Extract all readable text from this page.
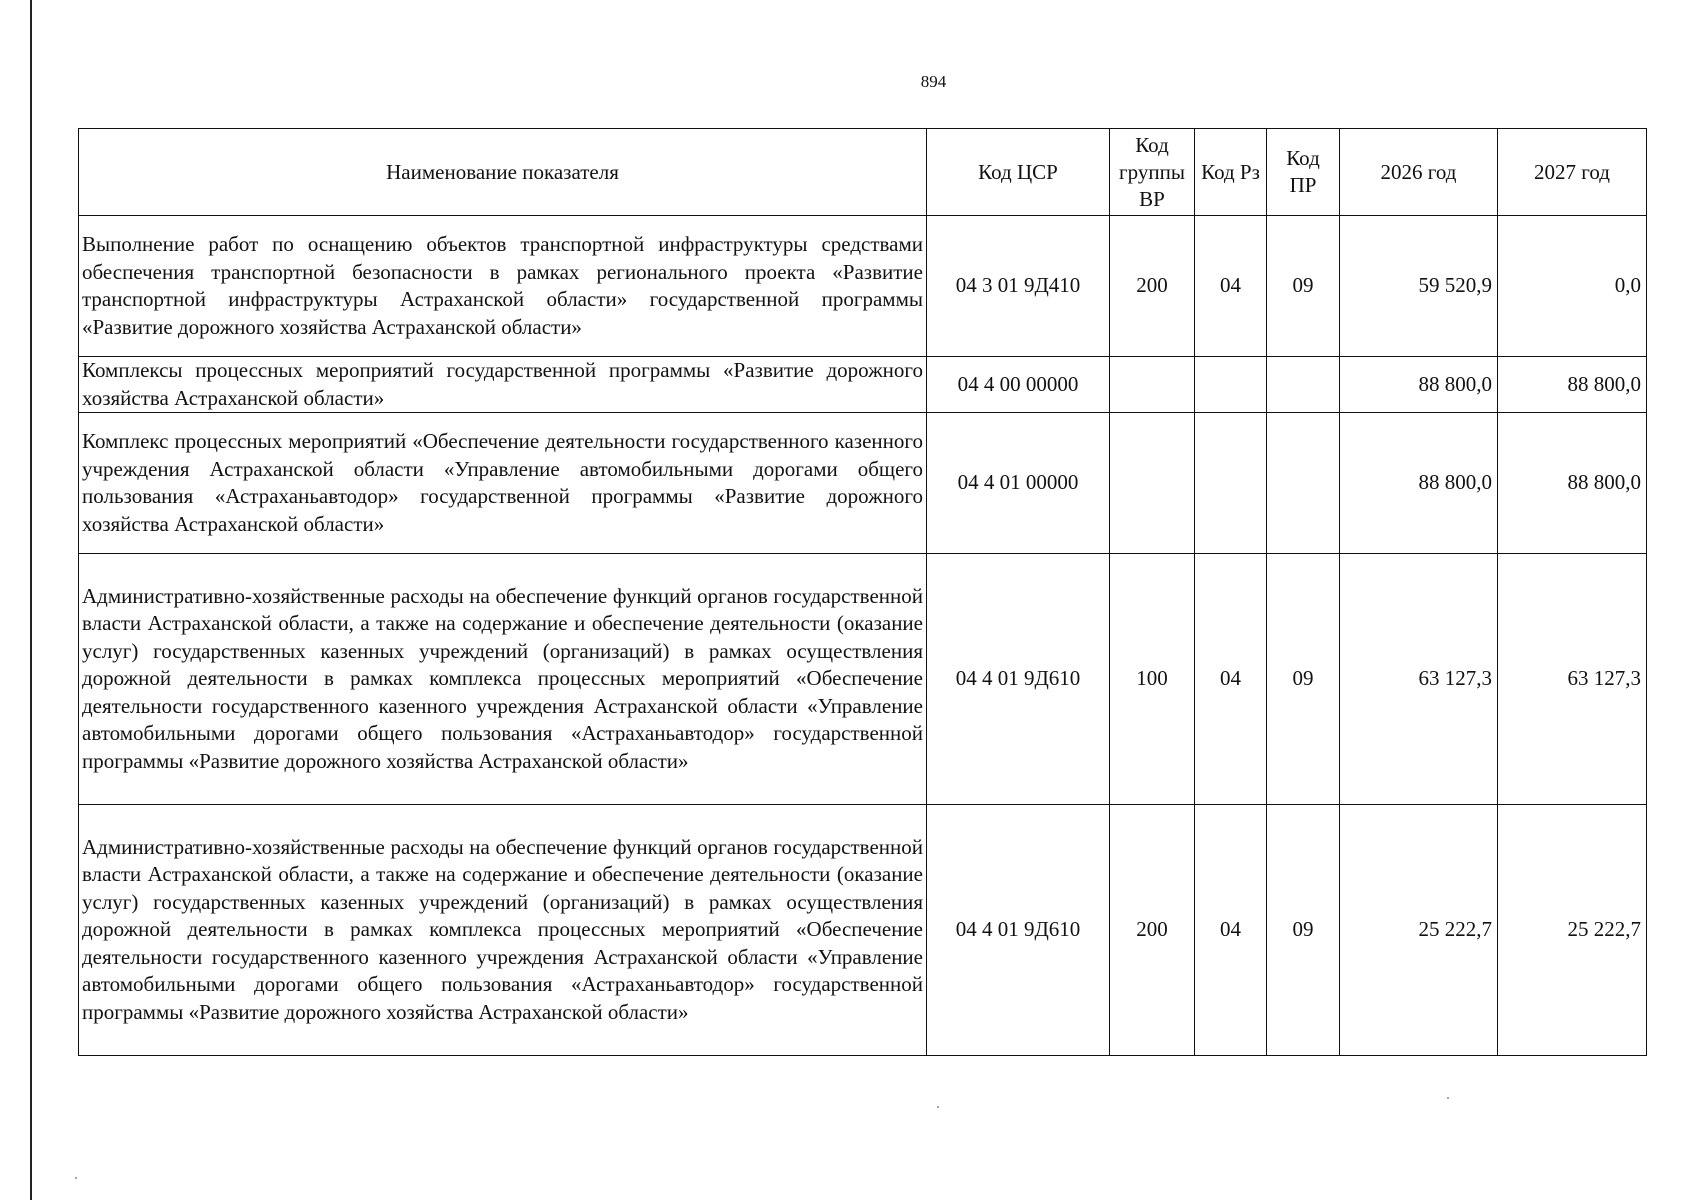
894
Наименование показателя	Код ЦСР	Код группы ВР	Код Рз	Код ПР	2026 год	2027 год
Выполнение работ по оснащению объектов транспортной инфраструктуры средствами обеспечения транспортной безопасности в рамках регионального проекта «Развитие транспортной инфраструктуры Астраханской области» государственной программы «Развитие дорожного хозяйства Астраханской области»	04 3 01 9Д410	200	04	09	59 520,9	0,0
Комплексы процессных мероприятий государственной программы «Развитие дорожного хозяйства Астраханской области»	04 4 00 00000				88 800,0	88 800,0
Комплекс процессных мероприятий «Обеспечение деятельности государственного казенного учреждения Астраханской области «Управление автомобильными дорогами общего пользования «Астраханьавтодор» государственной программы «Развитие дорожного хозяйства Астраханской области»	04 4 01 00000				88 800,0	88 800,0
Административно-хозяйственные расходы на обеспечение функций органов государственной власти Астраханской области, а также на содержание и обеспечение деятельности (оказание услуг) государственных казенных учреждений (организаций) в рамках осуществления дорожной деятельности в рамках комплекса процессных мероприятий «Обеспечение деятельности государственного казенного учреждения Астраханской области «Управление автомобильными дорогами общего пользования «Астраханьавтодор» государственной программы «Развитие дорожного хозяйства Астраханской области»	04 4 01 9Д610	100	04	09	63 127,3	63 127,3
Административно-хозяйственные расходы на обеспечение функций органов государственной власти Астраханской области, а также на содержание и обеспечение деятельности (оказание услуг) государственных казенных учреждений (организаций) в рамках осуществления дорожной деятельности в рамках комплекса процессных мероприятий «Обеспечение деятельности государственного казенного учреждения Астраханской области «Управление автомобильными дорогами общего пользования «Астраханьавтодор» государственной программы «Развитие дорожного хозяйства Астраханской области»	04 4 01 9Д610	200	04	09	25 222,7	25 222,7
